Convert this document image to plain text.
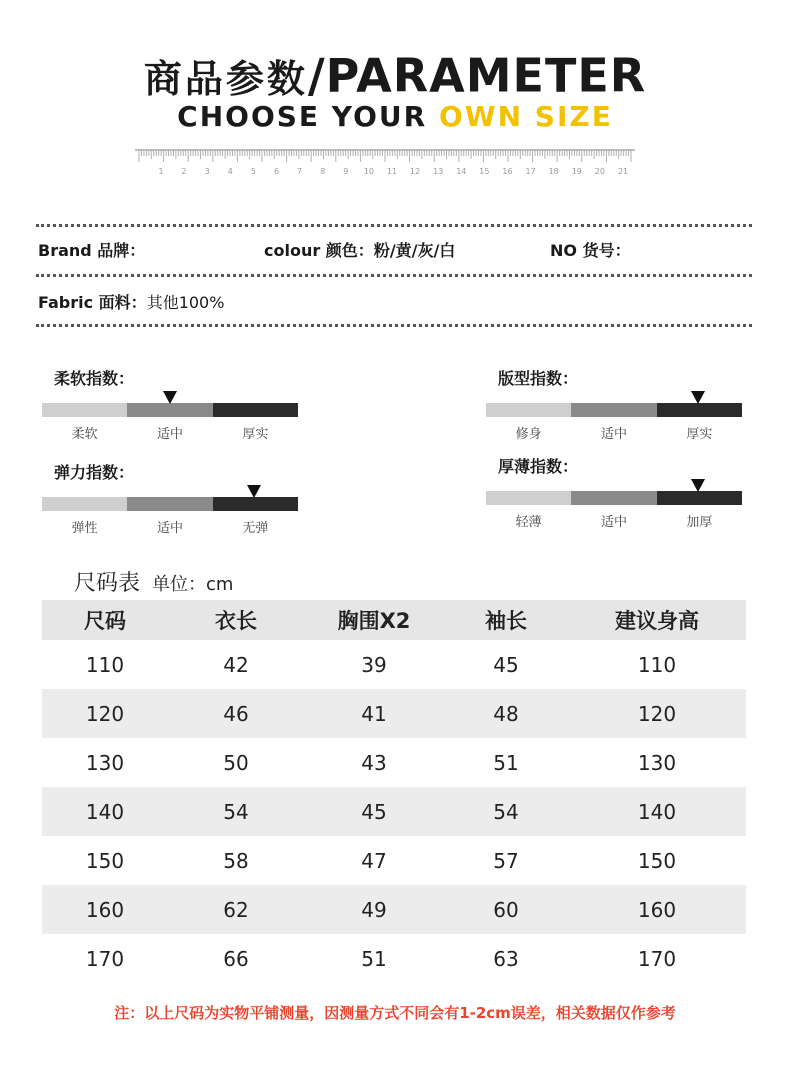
商品参数/PARAMETER
CHOOSE YOUR OWN SIZE
1 2 3 4 5 6 7 8 9 10 11 12 13 14 15 16 17 18 19 20 21
Brand 品牌：	colour 颜色：粉/黄/灰/白	NO 货号：
Fabric 面料：其他100%
柔软指数：
柔软	适中	厚实
版型指数：
修身	适中	厚实
弹力指数：
弹性	适中	无弹
厚薄指数：
轻薄	适中	加厚
尺码表 单位：cm
尺码	衣长	胸围X2	袖长	建议身高
110	42	39	45	110
120	46	41	48	120
130	50	43	51	130
140	54	45	54	140
150	58	47	57	150
160	62	49	60	160
170	66	51	63	170
注：以上尺码为实物平铺测量，因测量方式不同会有1-2cm误差，相关数据仅作参考
